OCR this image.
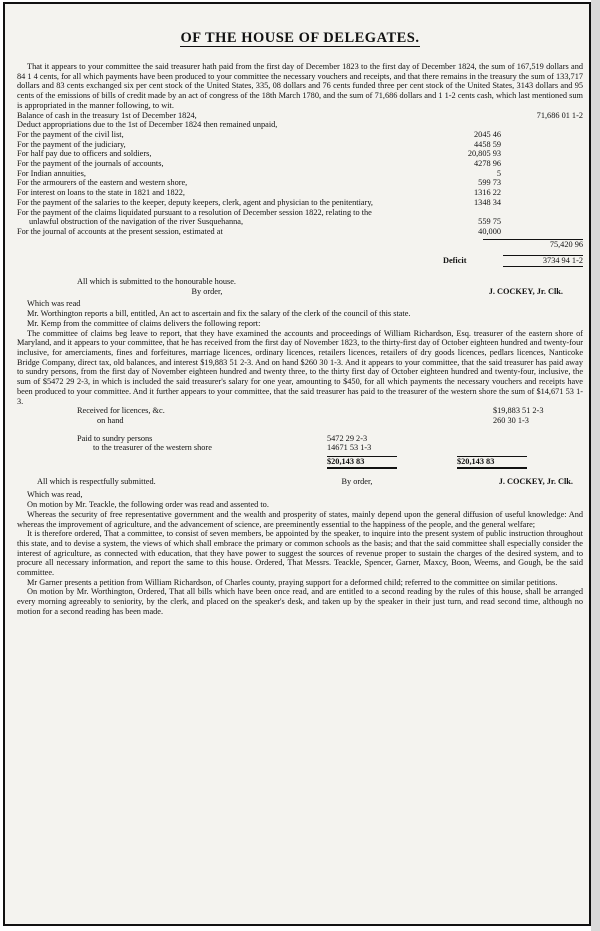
OF THE HOUSE OF DELEGATES.

That it appears to your committee the said treasurer hath paid from the first day of December 1823 to the first day of December 1824, the sum of 167,519 dollars and 84 1 4 cents, for all which payments have been produced to your committee the necessary vouchers and receipts, and that there remains in the treasury the sum of 133,717 dollars and 83 cents exchanged six per cent stock of the United States, 335, 08 dollars and 76 cents funded three per cent stock of the United States, 3143 dollars and 95 cents of the emissions of bills of credit made by an act of congress of the 18th March 1780, and the sum of 71,686 dollars and 1 1-2 cents cash, which last mentioned sum is appropriated in the manner following, to wit.

Balance of cash in the treasury 1st of December 1824,	71,686 01 1-2
Deduct appropriations due to the 1st of December 1824 then remained unpaid,
For the payment of the civil list,	2045 46
For the payment of the judiciary,	4458 59
For half pay due to officers and soldiers,	20,805 93
For the payment of the journals of accounts,	4278 96
For Indian annuities,	5
For the armourers of the eastern and western shore,	599 73
For interest on loans to the state in 1821 and 1822,	1316 22
For the payment of the salaries to the keeper, deputy keepers, clerk, agent and physician to the penitentiary,	1348 34
For the payment of the claims liquidated pursuant to a resolution of December session 1822, relating to the unlawful obstruction of the navigation of the river Susquehanna,	559 75
For the journal of accounts at the present session, estimated at	40,000
75,420 96
Deficit	3734 94 1-2
All which is submitted to the honourable house.
By order,	J. COCKEY, Jr. Clk.

Which was read

Mr. Worthington reports a bill, entitled, An act to ascertain and fix the salary of the clerk of the council of this state.

Mr. Kemp from the committee of claims delivers the following report:

The committee of claims beg leave to report, that they have examined the accounts and proceedings of William Richardson, Esq. treasurer of the eastern shore of Maryland, and it appears to your committee, that he has received from the first day of November 1823, to the thirty-first day of October eighteen hundred and twenty-four inclusive, for amerciaments, fines and forfeitures, marriage licences, ordinary licences, retailers licences, retailers of dry goods licences, pedlars licences, Nanticoke Bridge Company, direct tax, old balances, and interest $19,883 51 2-3. And on hand $260 30 1-3. And it appears to your committee, that the said treasurer has paid away to sundry persons, from the first day of November eighteen hundred and twenty three, to the thirty first day of October eighteen hundred and twenty-four, inclusive, the sum of $5472 29 2-3, in which is included the said treasurer's salary for one year, amounting to $450, for all which payments the necessary vouchers and receipts have been produced to your committee. And it further appears to your committee, that the said treasurer has paid to the treasurer of the western shore the sum of $14,671 53 1-3.

Received for licences, &c.	$19,883 51 2-3
on hand	260 30 1-3
Paid to sundry persons	5472 29 2-3
to the treasurer of the western shore	14671 53 1-3
$20,143 83	$20,143 83
All which is respectfully submitted.	By order,	J. COCKEY, Jr. Clk.

Which was read,

On motion by Mr. Teackle, the following order was read and assented to.

Whereas the security of free representative government and the wealth and prosperity of states, mainly depend upon the general diffusion of useful knowledge: And whereas the improvement of agriculture, and the advancement of science, are preeminently essential to the happiness of the people, and the general welfare;

It is therefore ordered, That a committee, to consist of seven members, be appointed by the speaker, to inquire into the present system of public instruction throughout this state, and to devise a system, the views of which shall embrace the primary or common schools as the basis; and that the said committee shall especially consider the interest of agriculture, as connected with education, that they have power to suggest the sources of revenue proper to sustain the charges of the desired system, and to procure all necessary information, and report the same to this house. Ordered, That Messrs. Teackle, Spencer, Garner, Maxcy, Boon, Weems, and Gough, be the said committee.

Mr Garner presents a petition from William Richardson, of Charles county, praying support for a deformed child; referred to the committee on similar petitions.

On motion by Mr. Worthington, Ordered, That all bills which have been once read, and are entitled to a second reading by the rules of this house, shall be arranged every morning agreeably to seniority, by the clerk, and placed on the speaker's desk, and taken up by the speaker in their just turn, and read second time, although no motion for a second reading has been made.
